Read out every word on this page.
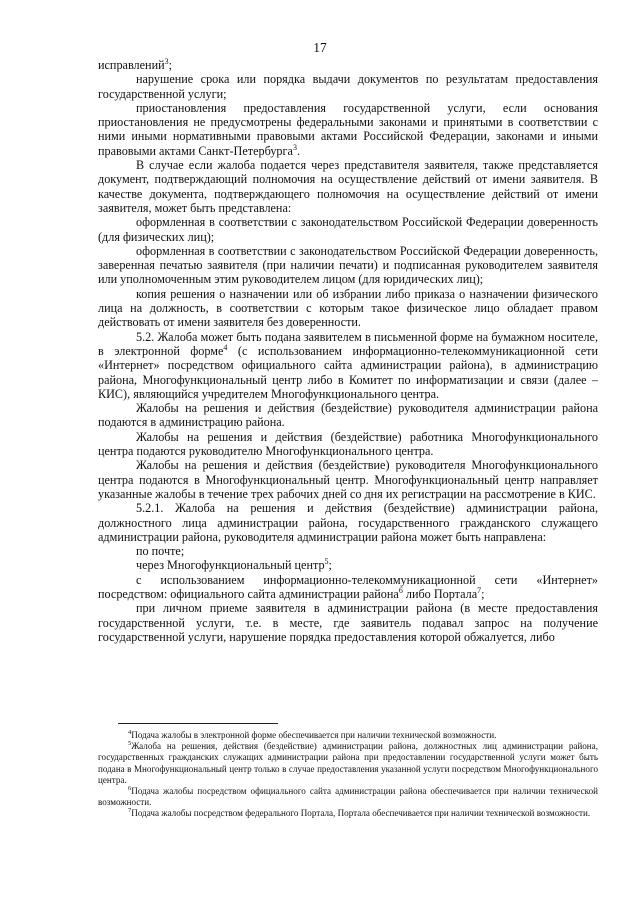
17

исправлений$^3$;

нарушение срока или порядка выдачи документов по результатам предоставления государственной услуги;

приостановления предоставления государственной услуги, если основания приостановления не предусмотрены федеральными законами и принятыми в соответствии с ними иными нормативными правовыми актами Российской Федерации, законами и иными правовыми актами Санкт-Петербурга$^3$.

В случае если жалоба подается через представителя заявителя, также представляется документ, подтверждающий полномочия на осуществление действий от имени заявителя. В качестве документа, подтверждающего полномочия на осуществление действий от имени заявителя, может быть представлена:

оформленная в соответствии с законодательством Российской Федерации доверенность (для физических лиц);

оформленная в соответствии с законодательством Российской Федерации доверенность, заверенная печатью заявителя (при наличии печати) и подписанная руководителем заявителя или уполномоченным этим руководителем лицом (для юридических лиц);

копия решения о назначении или об избрании либо приказа о назначении физического лица на должность, в соответствии с которым такое физическое лицо обладает правом действовать от имени заявителя без доверенности.

5.2. Жалоба может быть подана заявителем в письменной форме на бумажном носителе, в электронной форме$^4$ (с использованием информационно-телекоммуникационной сети «Интернет» посредством официального сайта администрации района), в администрацию района, Многофункциональный центр либо в Комитет по информатизации и связи (далее – КИС), являющийся учредителем Многофункционального центра.

Жалобы на решения и действия (бездействие) руководителя администрации района подаются в администрацию района.

Жалобы на решения и действия (бездействие) работника Многофункционального центра подаются руководителю Многофункционального центра.

Жалобы на решения и действия (бездействие) руководителя Многофункционального центра подаются в Многофункциональный центр. Многофункциональный центр направляет указанные жалобы в течение трех рабочих дней со дня их регистрации на рассмотрение в КИС.

5.2.1. Жалоба на решения и действия (бездействие) администрации района, должностного лица администрации района, государственного гражданского служащего администрации района, руководителя администрации района может быть направлена:

по почте;

через Многофункциональный центр$^5$;

с использованием информационно-телекоммуникационной сети «Интернет» посредством: официального сайта администрации района$^6$ либо Портала$^7$;

при личном приеме заявителя в администрации района (в месте предоставления государственной услуги, т.е. в месте, где заявитель подавал запрос на получение государственной услуги, нарушение порядка предоставления которой обжалуется, либо

$^4$Подача жалобы в электронной форме обеспечивается при наличии технической возможности.

$^5$Жалоба на решения, действия (бездействие) администрации района, должностных лиц администрации района, государственных гражданских служащих администрации района при предоставлении государственной услуги может быть подана в Многофункциональный центр только в случае предоставления указанной услуги посредством Многофункционального центра.

$^6$Подача жалобы посредством официального сайта администрации района обеспечивается при наличии технической возможности.

$^7$Подача жалобы посредством федерального Портала, Портала обеспечивается при наличии технической возможности.
